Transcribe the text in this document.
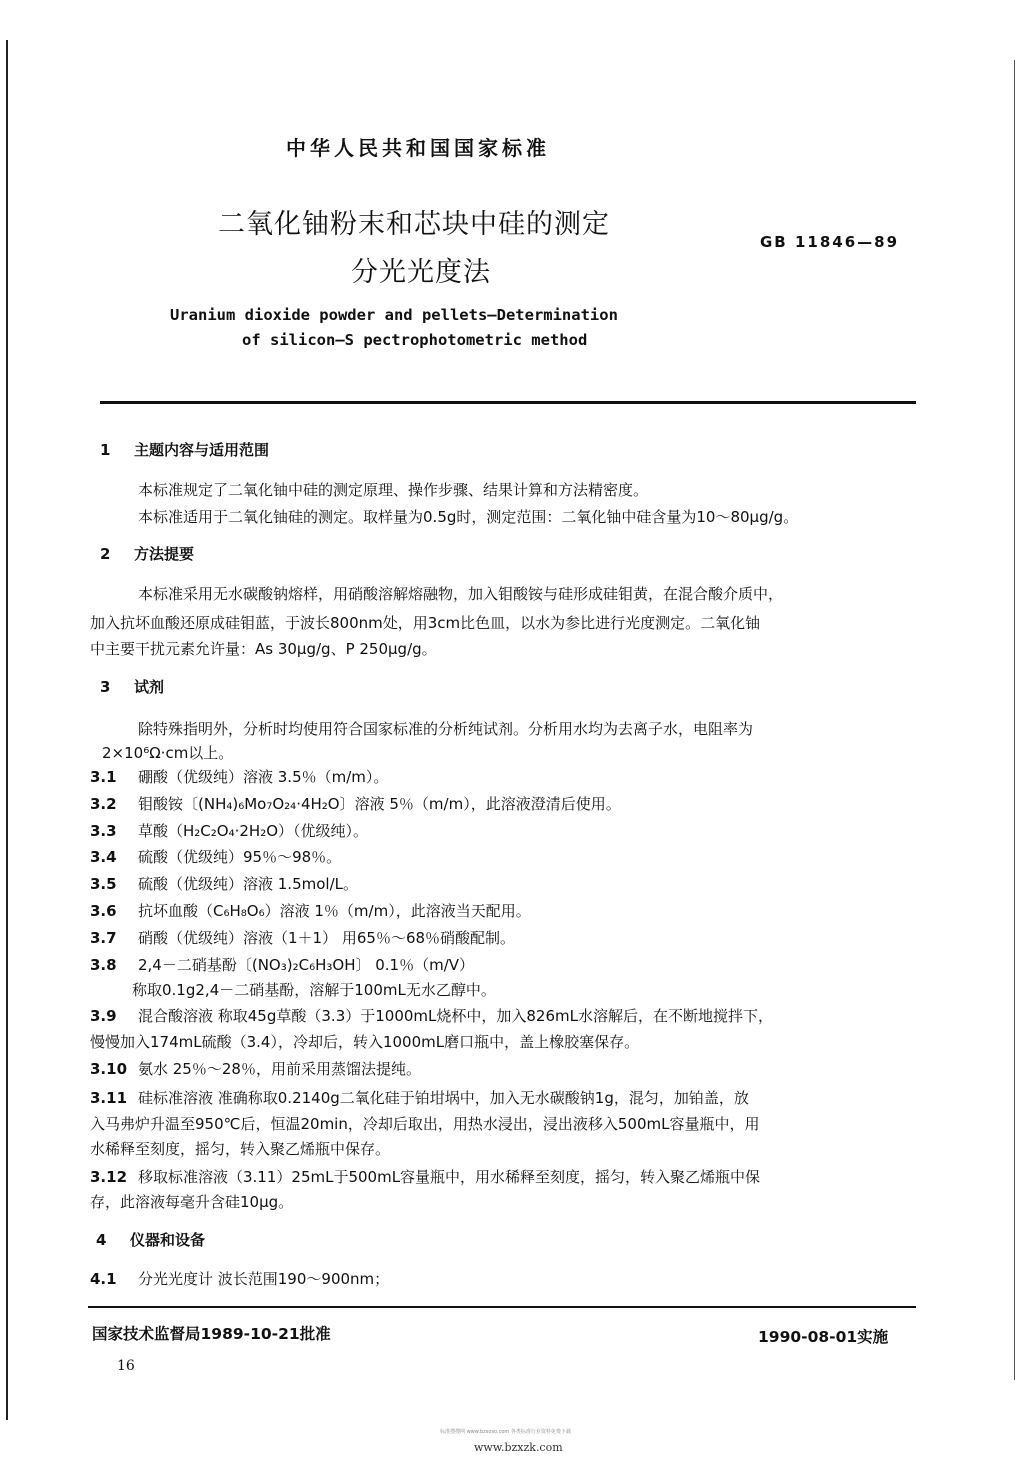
中华人民共和国国家标准
二氧化铀粉末和芯块中硅的测定
分光光度法
GB 11846—89
Uranium dioxide powder and pellets—Determination
of silicon—S pectrophotometric method
1 主题内容与适用范围
本标准规定了二氧化铀中硅的测定原理、操作步骤、结果计算和方法精密度。
本标准适用于二氧化铀硅的测定。取样量为0.5g时，测定范围：二氧化铀中硅含量为10～80μg/g。
2 方法提要
本标准采用无水碳酸钠熔样，用硝酸溶解熔融物，加入钼酸铵与硅形成硅钼黄，在混合酸介质中，
加入抗坏血酸还原成硅钼蓝，于波长800nm处，用3cm比色皿，以水为参比进行光度测定。二氧化铀
中主要干扰元素允许量：As 30μg/g、P 250μg/g。
3 试剂
除特殊指明外，分析时均使用符合国家标准的分析纯试剂。分析用水均为去离子水，电阻率为
2×10⁶Ω·cm以上。
3.1 硼酸（优级纯）溶液 3.5％（m/m）。
3.2 钼酸铵〔(NH₄)₆Mo₇O₂₄·4H₂O〕溶液 5％（m/m），此溶液澄清后使用。
3.3 草酸（H₂C₂O₄·2H₂O）（优级纯）。
3.4 硫酸（优级纯）95％～98％。
3.5 硫酸（优级纯）溶液 1.5mol/L。
3.6 抗坏血酸（C₆H₈O₆）溶液 1％（m/m），此溶液当天配用。
3.7 硝酸（优级纯）溶液（1＋1） 用65％～68％硝酸配制。
3.8 2,4－二硝基酚〔(NO₃)₂C₆H₃OH〕 0.1％（m/V）
称取0.1g2,4－二硝基酚，溶解于100mL无水乙醇中。
3.9 混合酸溶液 称取45g草酸（3.3）于1000mL烧杯中，加入826mL水溶解后，在不断地搅拌下，
慢慢加入174mL硫酸（3.4），冷却后，转入1000mL磨口瓶中，盖上橡胶塞保存。
3.10 氨水 25％～28％，用前采用蒸馏法提纯。
3.11 硅标准溶液 准确称取0.2140g二氧化硅于铂坩埚中，加入无水碳酸钠1g，混匀，加铂盖，放
入马弗炉升温至950℃后，恒温20min，冷却后取出，用热水浸出，浸出液移入500mL容量瓶中，用
水稀释至刻度，摇匀，转入聚乙烯瓶中保存。
3.12 移取标准溶液（3.11）25mL于500mL容量瓶中，用水稀释至刻度，摇匀，转入聚乙烯瓶中保
存，此溶液每毫升含硅10μg。
4 仪器和设备
4.1 分光光度计 波长范围190～900nm；
国家技术监督局1989-10-21批准	1990-08-01实施
16
标准搜搜网 www.bzsoso.com 各类标准行业资料免费下载
www.bzxzk.com
